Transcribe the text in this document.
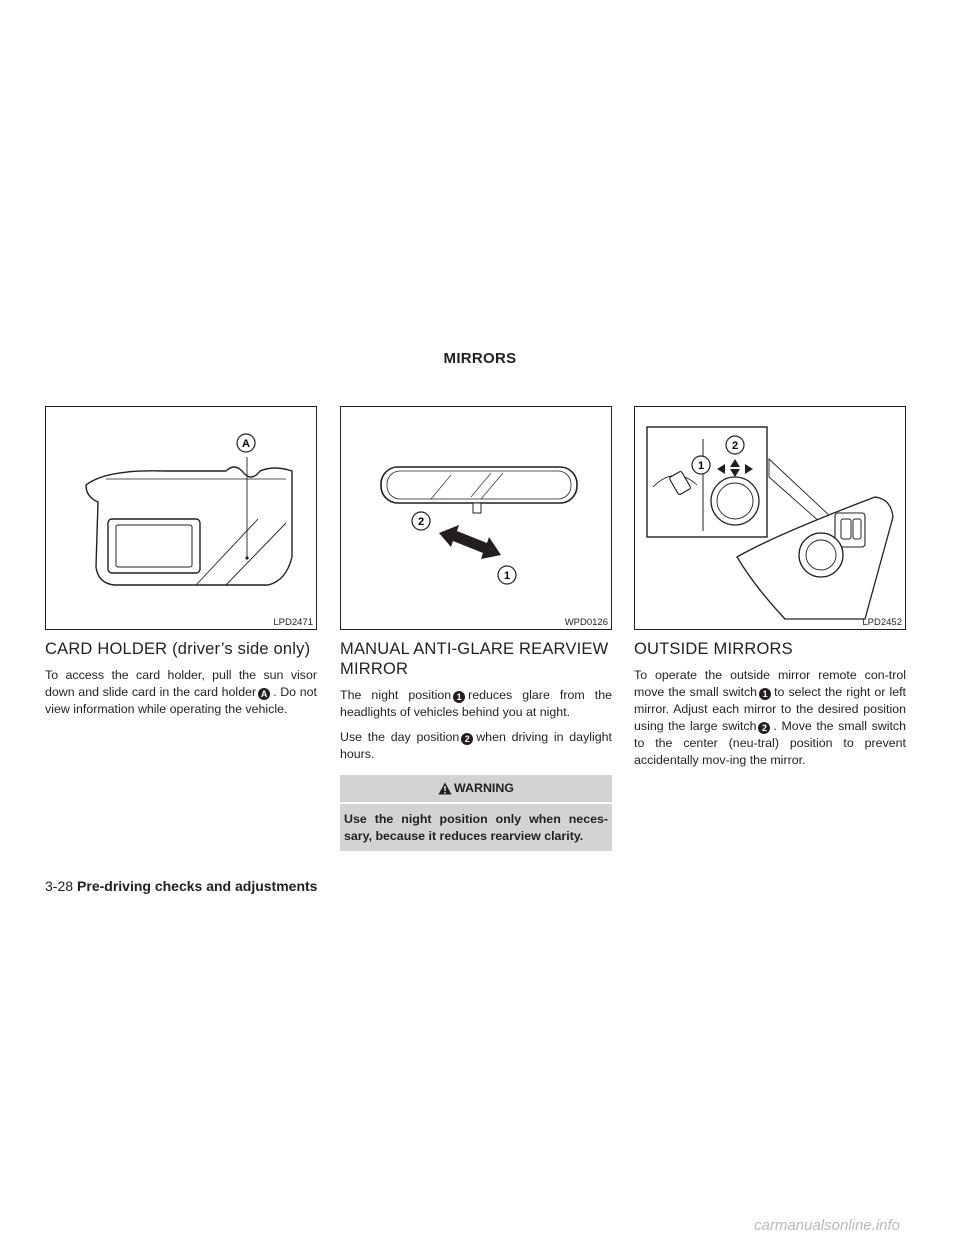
MIRRORS
A
LPD2471
CARD HOLDER (driver’s side only)

To access the card holder, pull the sun visor down and slide card in the card holder A . Do not view information while operating the vehicle.

2
1
WPD0126
MANUAL ANTI-GLARE REARVIEW MIRROR

The night position 1 reduces glare from the headlights of vehicles behind you at night.

Use the day position 2 when driving in daylight hours.

WARNING
Use the night position only when neces-sary, because it reduces rearview clarity.
1
2
LPD2452
OUTSIDE MIRRORS

To operate the outside mirror remote con-trol move the small switch 1 to select the right or left mirror. Adjust each mirror to the desired position using the large switch 2 . Move the small switch to the center (neu-tral) position to prevent accidentally mov-ing the mirror.

3-28 Pre-driving checks and adjustments
carmanualsonline.info
